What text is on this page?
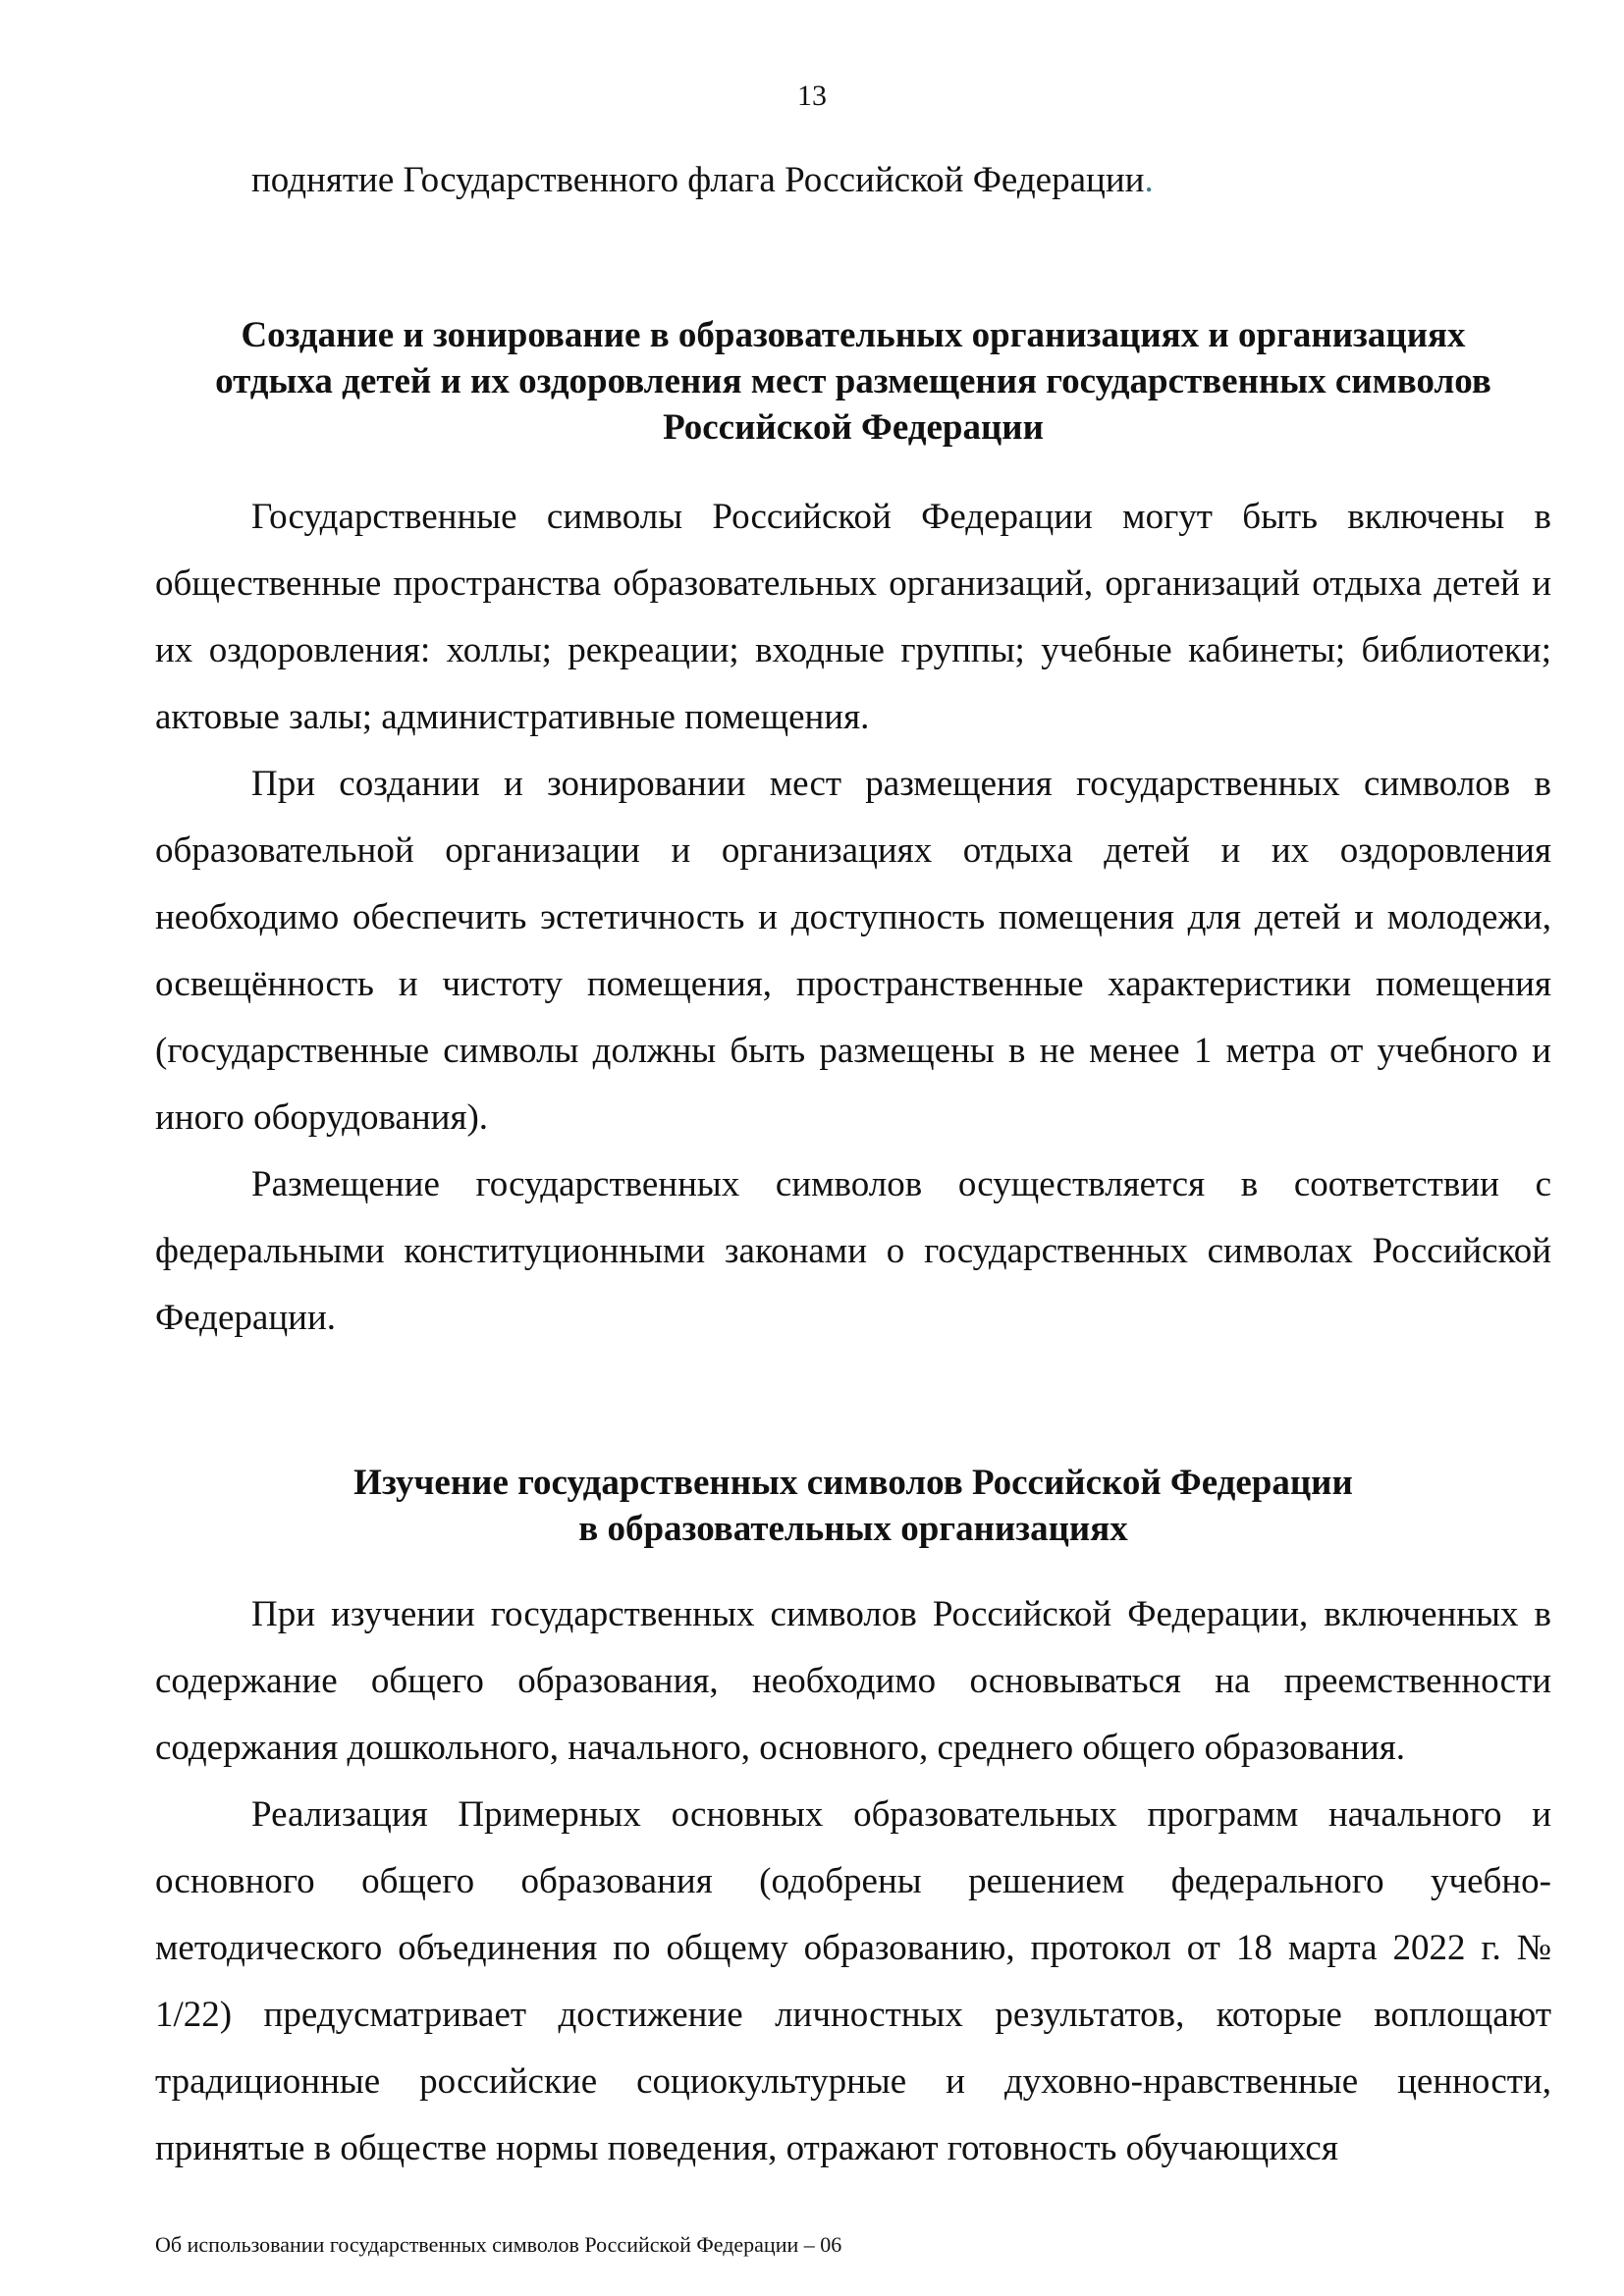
13

поднятие Государственного флага Российской Федерации.

Создание и зонирование в образовательных организациях и организациях
отдыха детей и их оздоровления мест размещения государственных символов
Российской Федерации

Государственные символы Российской Федерации могут быть включены в общественные пространства образовательных организаций, организаций отдыха детей и их оздоровления: холлы; рекреации; входные группы; учебные кабинеты; библиотеки; актовые залы; административные помещения.

При создании и зонировании мест размещения государственных символов в образовательной организации и организациях отдыха детей и их оздоровления необходимо обеспечить эстетичность и доступность помещения для детей и молодежи, освещённость и чистоту помещения, пространственные характеристики помещения (государственные символы должны быть размещены в не менее 1 метра от учебного и иного оборудования).

Размещение государственных символов осуществляется в соответствии с федеральными конституционными законами о государственных символах Российской Федерации.

Изучение государственных символов Российской Федерации
в образовательных организациях

При изучении государственных символов Российской Федерации, включенных в содержание общего образования, необходимо основываться на преемственности содержания дошкольного, начального, основного, среднего общего образования.

Реализация Примерных основных образовательных программ начального и основного общего образования (одобрены решением федерального учебно-методического объединения по общему образованию, протокол от 18 марта 2022 г. № 1/22) предусматривает достижение личностных результатов, которые воплощают традиционные российские социокультурные и духовно-нравственные ценности, принятые в обществе нормы поведения, отражают готовность обучающихся

Об использовании государственных символов Российской Федерации – 06
